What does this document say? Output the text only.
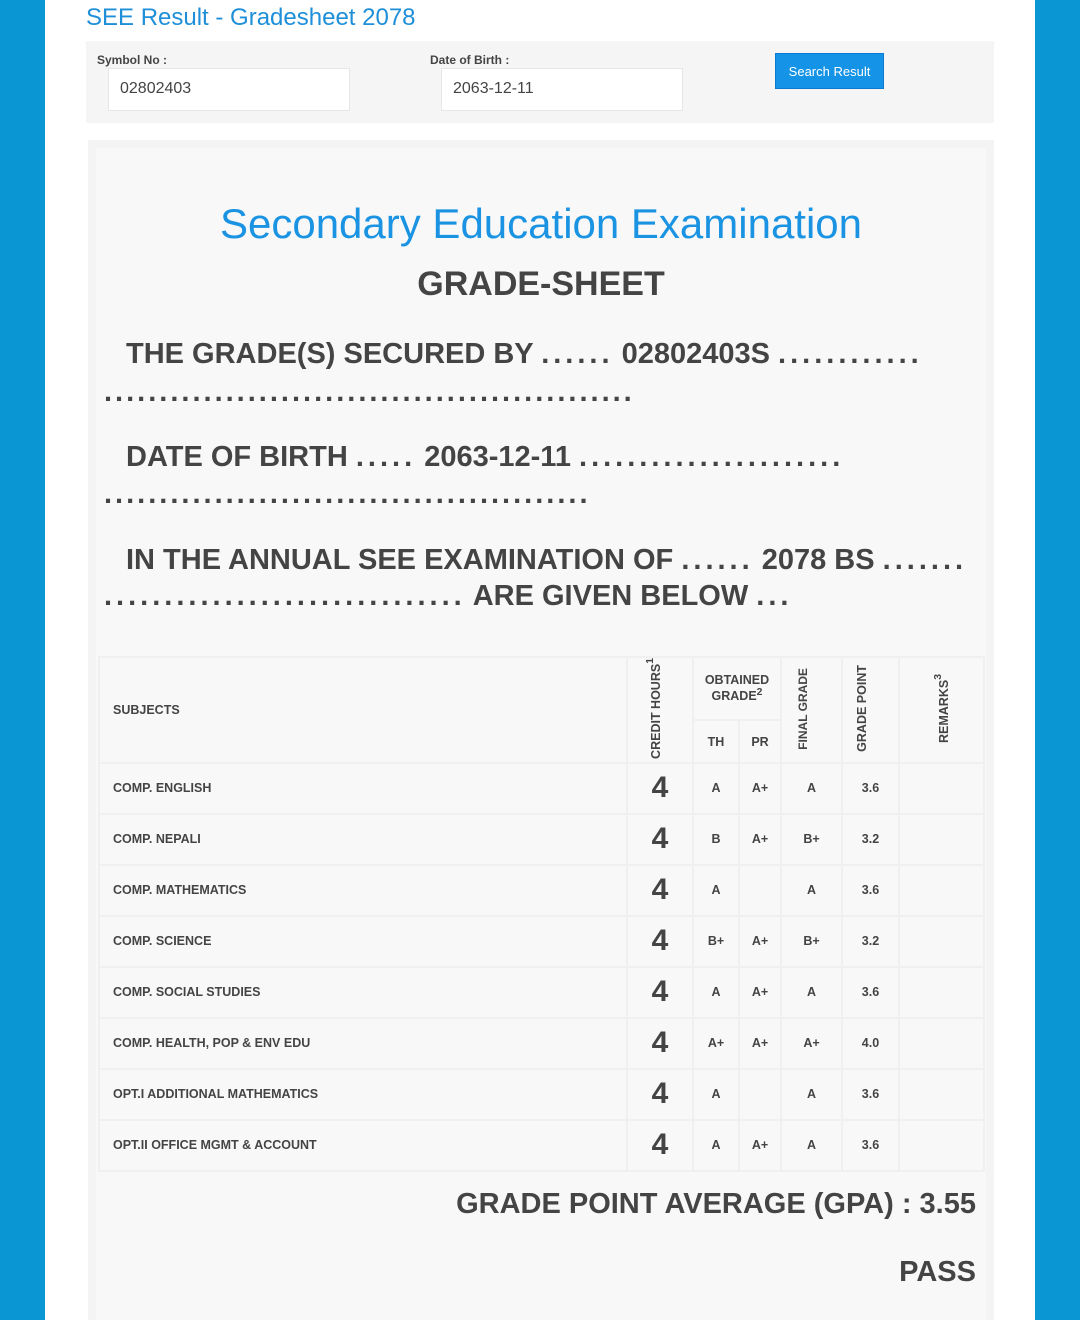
SEE Result - Gradesheet 2078
Symbol No :
02802403
Date of Birth :
2063-12-11
Search Result
Secondary Education Examination
GRADE-SHEET
THE GRADE(S) SECURED BY ...... 02802403S ............
................................................
DATE OF BIRTH ..... 2063-12-11 ......................
............................................
IN THE ANNUAL SEE EXAMINATION OF ...... 2078 BS .......
.............................. ARE GIVEN BELOW ...
SUBJECTS	CREDIT HOURS$^1$	OBTAINED GRADE$^2$		FINAL GRADE	GRADE POINT	REMARKS$^3$
		TH	PR			
COMP. ENGLISH	4	A	A+	A	3.6	
COMP. NEPALI	4	B	A+	B+	3.2	
COMP. MATHEMATICS	4	A		A	3.6	
COMP. SCIENCE	4	B+	A+	B+	3.2	
COMP. SOCIAL STUDIES	4	A	A+	A	3.6	
COMP. HEALTH, POP & ENV EDU	4	A+	A+	A+	4.0	
OPT.I ADDITIONAL MATHEMATICS	4	A		A	3.6	
OPT.II OFFICE MGMT & ACCOUNT	4	A	A+	A	3.6	
GRADE POINT AVERAGE (GPA) : 3.55
PASS
